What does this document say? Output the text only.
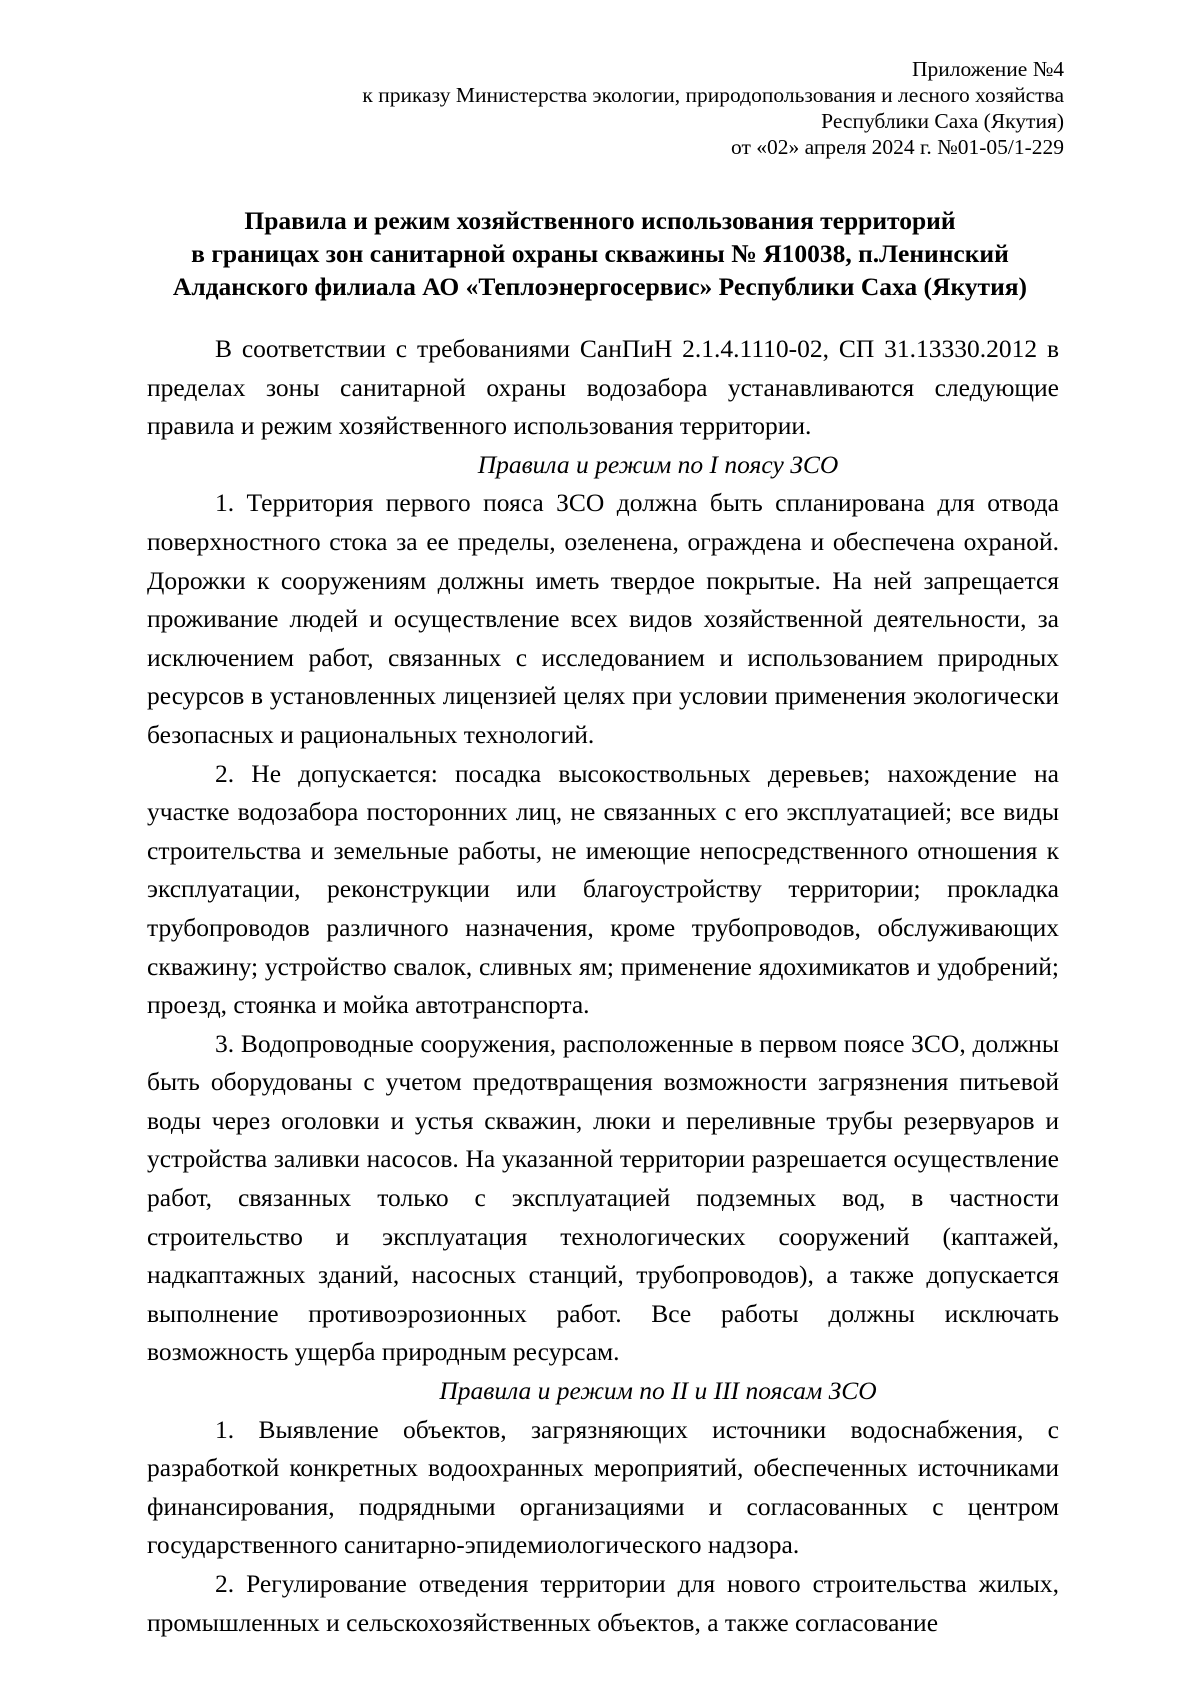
Приложение №4
к приказу Министерства экологии, природопользования и лесного хозяйства
Республики Саха (Якутия)
от «02» апреля 2024 г. №01-05/1-229
Правила и режим хозяйственного использования территорий
в границах зон санитарной охраны скважины № Я10038, п.Ленинский
Алданского филиала АО «Теплоэнергосервис» Республики Саха (Якутия)

В соответствии с требованиями СанПиН 2.1.4.1110-02, СП 31.13330.2012 в пределах зоны санитарной охраны водозабора устанавливаются следующие правила и режим хозяйственного использования территории.

Правила и режим по I поясу ЗСО

1. Территория первого пояса ЗСО должна быть спланирована для отвода поверхностного стока за ее пределы, озеленена, ограждена и обеспечена охраной. Дорожки к сооружениям должны иметь твердое покрытые. На ней запрещается проживание людей и осуществление всех видов хозяйственной деятельности, за исключением работ, связанных с исследованием и использованием природных ресурсов в установленных лицензией целях при условии применения экологически безопасных и рациональных технологий.

2. Не допускается: посадка высокоствольных деревьев; нахождение на участке водозабора посторонних лиц, не связанных с его эксплуатацией; все виды строительства и земельные работы, не имеющие непосредственного отношения к эксплуатации, реконструкции или благоустройству территории; прокладка трубопроводов различного назначения, кроме трубопроводов, обслуживающих скважину; устройство свалок, сливных ям; применение ядохимикатов и удобрений; проезд, стоянка и мойка автотранспорта.

3. Водопроводные сооружения, расположенные в первом поясе ЗСО, должны быть оборудованы с учетом предотвращения возможности загрязнения питьевой воды через оголовки и устья скважин, люки и переливные трубы резервуаров и устройства заливки насосов. На указанной территории разрешается осуществление работ, связанных только с эксплуатацией подземных вод, в частности строительство и эксплуатация технологических сооружений (каптажей, надкаптажных зданий, насосных станций, трубопроводов), а также допускается выполнение противоэрозионных работ. Все работы должны исключать возможность ущерба природным ресурсам.

Правила и режим по II и III поясам ЗСО

1. Выявление объектов, загрязняющих источники водоснабжения, с разработкой конкретных водоохранных мероприятий, обеспеченных источниками финансирования, подрядными организациями и согласованных с центром государственного санитарно-эпидемиологического надзора.

2. Регулирование отведения территории для нового строительства жилых, промышленных и сельскохозяйственных объектов, а также согласование
